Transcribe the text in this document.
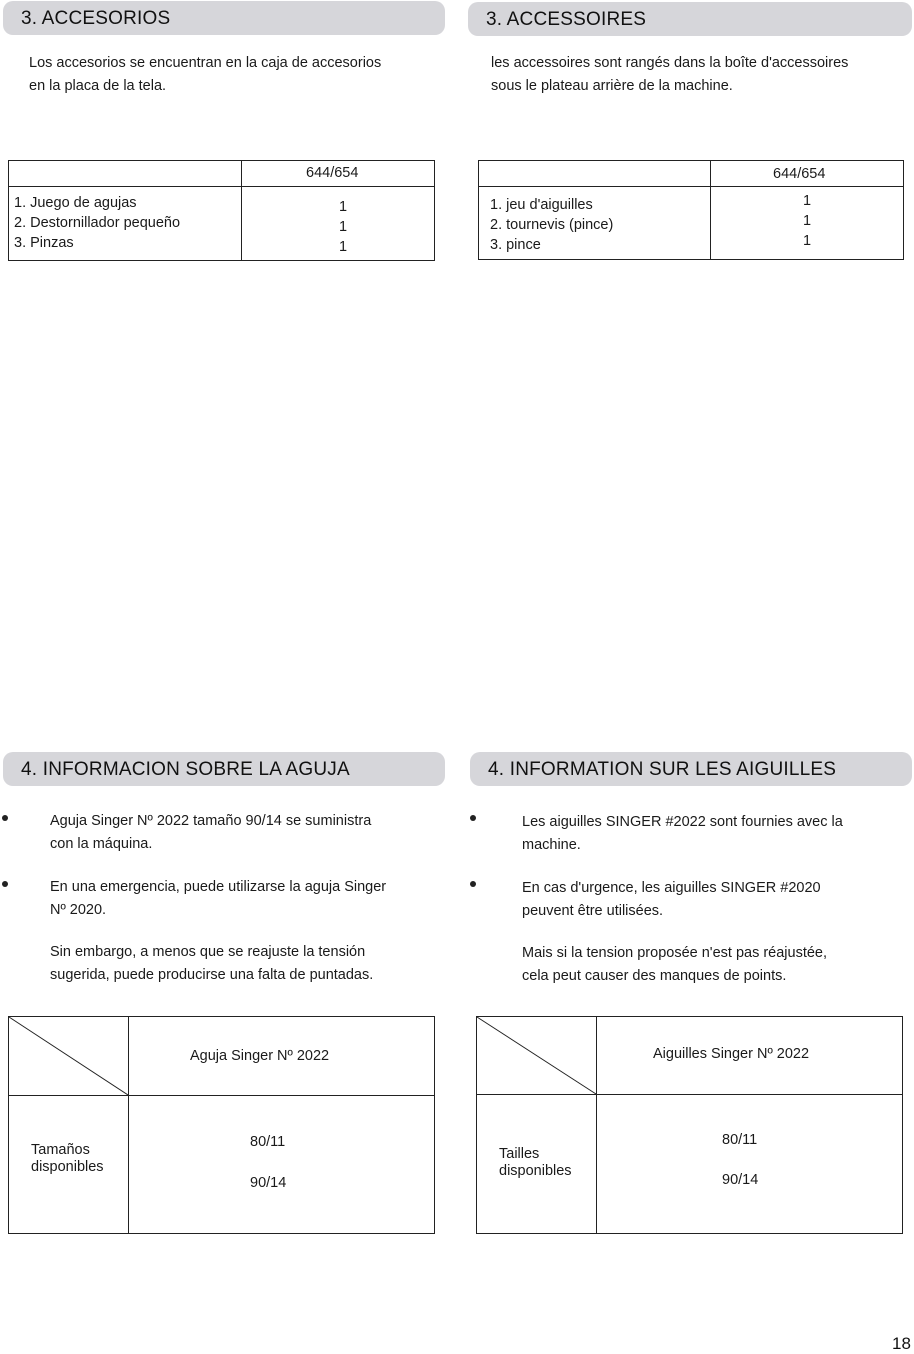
3. ACCESORIOS
Los accesorios se encuentran en la caja de accesorios
en la placa de la tela.
644/654
1. Juego de agujas
2. Destornillador pequeño
3. Pinzas
1
1
1
3. ACCESSOIRES
les accessoires sont rangés dans la boîte d'accessoires
sous le plateau arrière de la machine.
644/654
1. jeu d'aiguilles
2. tournevis (pince)
3. pince
1
1
1
4. INFORMACION SOBRE LA AGUJA
Aguja Singer Nº 2022 tamaño 90/14 se suministra
con la máquina.
En una emergencia, puede utilizarse la aguja Singer
Nº 2020.
Sin embargo, a menos que se reajuste la tensión
sugerida, puede producirse una falta de puntadas.
Aguja Singer Nº 2022
Tamaños
disponibles
80/11
90/14
4. INFORMATION SUR LES AIGUILLES
Les aiguilles SINGER #2022 sont fournies avec la
machine.
En cas d'urgence, les aiguilles SINGER #2020
peuvent être utilisées.
Mais si la tension proposée n'est pas réajustée,
cela peut causer des manques de points.
Aiguilles Singer Nº 2022
Tailles
disponibles
80/11
90/14
18
